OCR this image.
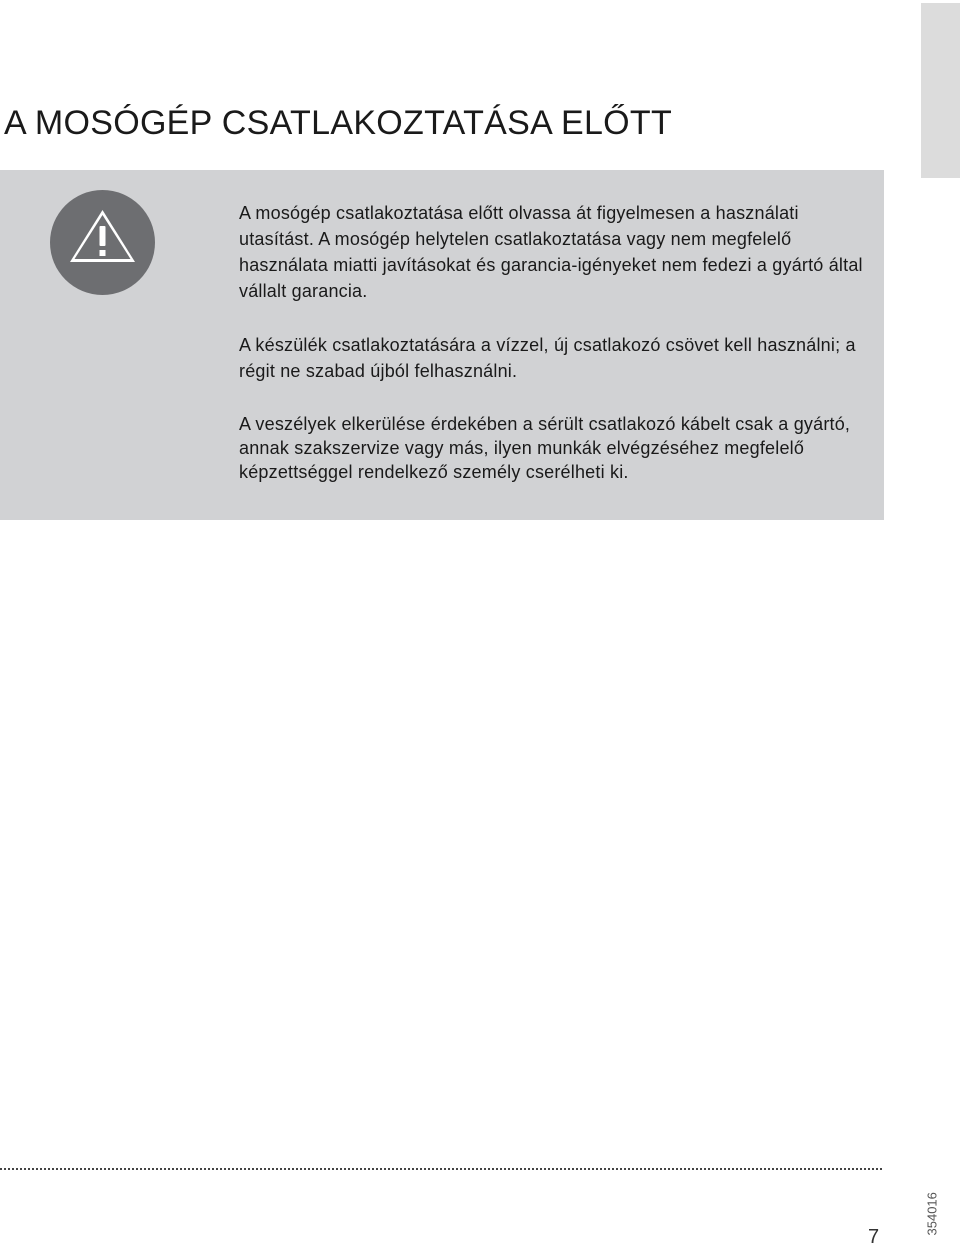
A MOSÓGÉP CSATLAKOZTATÁSA ELŐTT

A mosógép csatlakoztatása előtt olvassa át figyelmesen a használati utasítást. A mosógép helytelen csatlakoztatása vagy nem megfelelő használata miatti javításokat és garancia-igényeket nem fedezi a gyártó által vállalt garancia.

A készülék csatlakoztatására a vízzel, új csatlakozó csövet kell használni; a régit ne szabad újból felhasználni.

A veszélyek elkerülése érdekében a sérült csatlakozó kábelt csak a gyártó, annak szakszervize vagy más, ilyen munkák elvégzéséhez megfelelő képzettséggel rendelkező személy cserélheti ki.

354016
7
